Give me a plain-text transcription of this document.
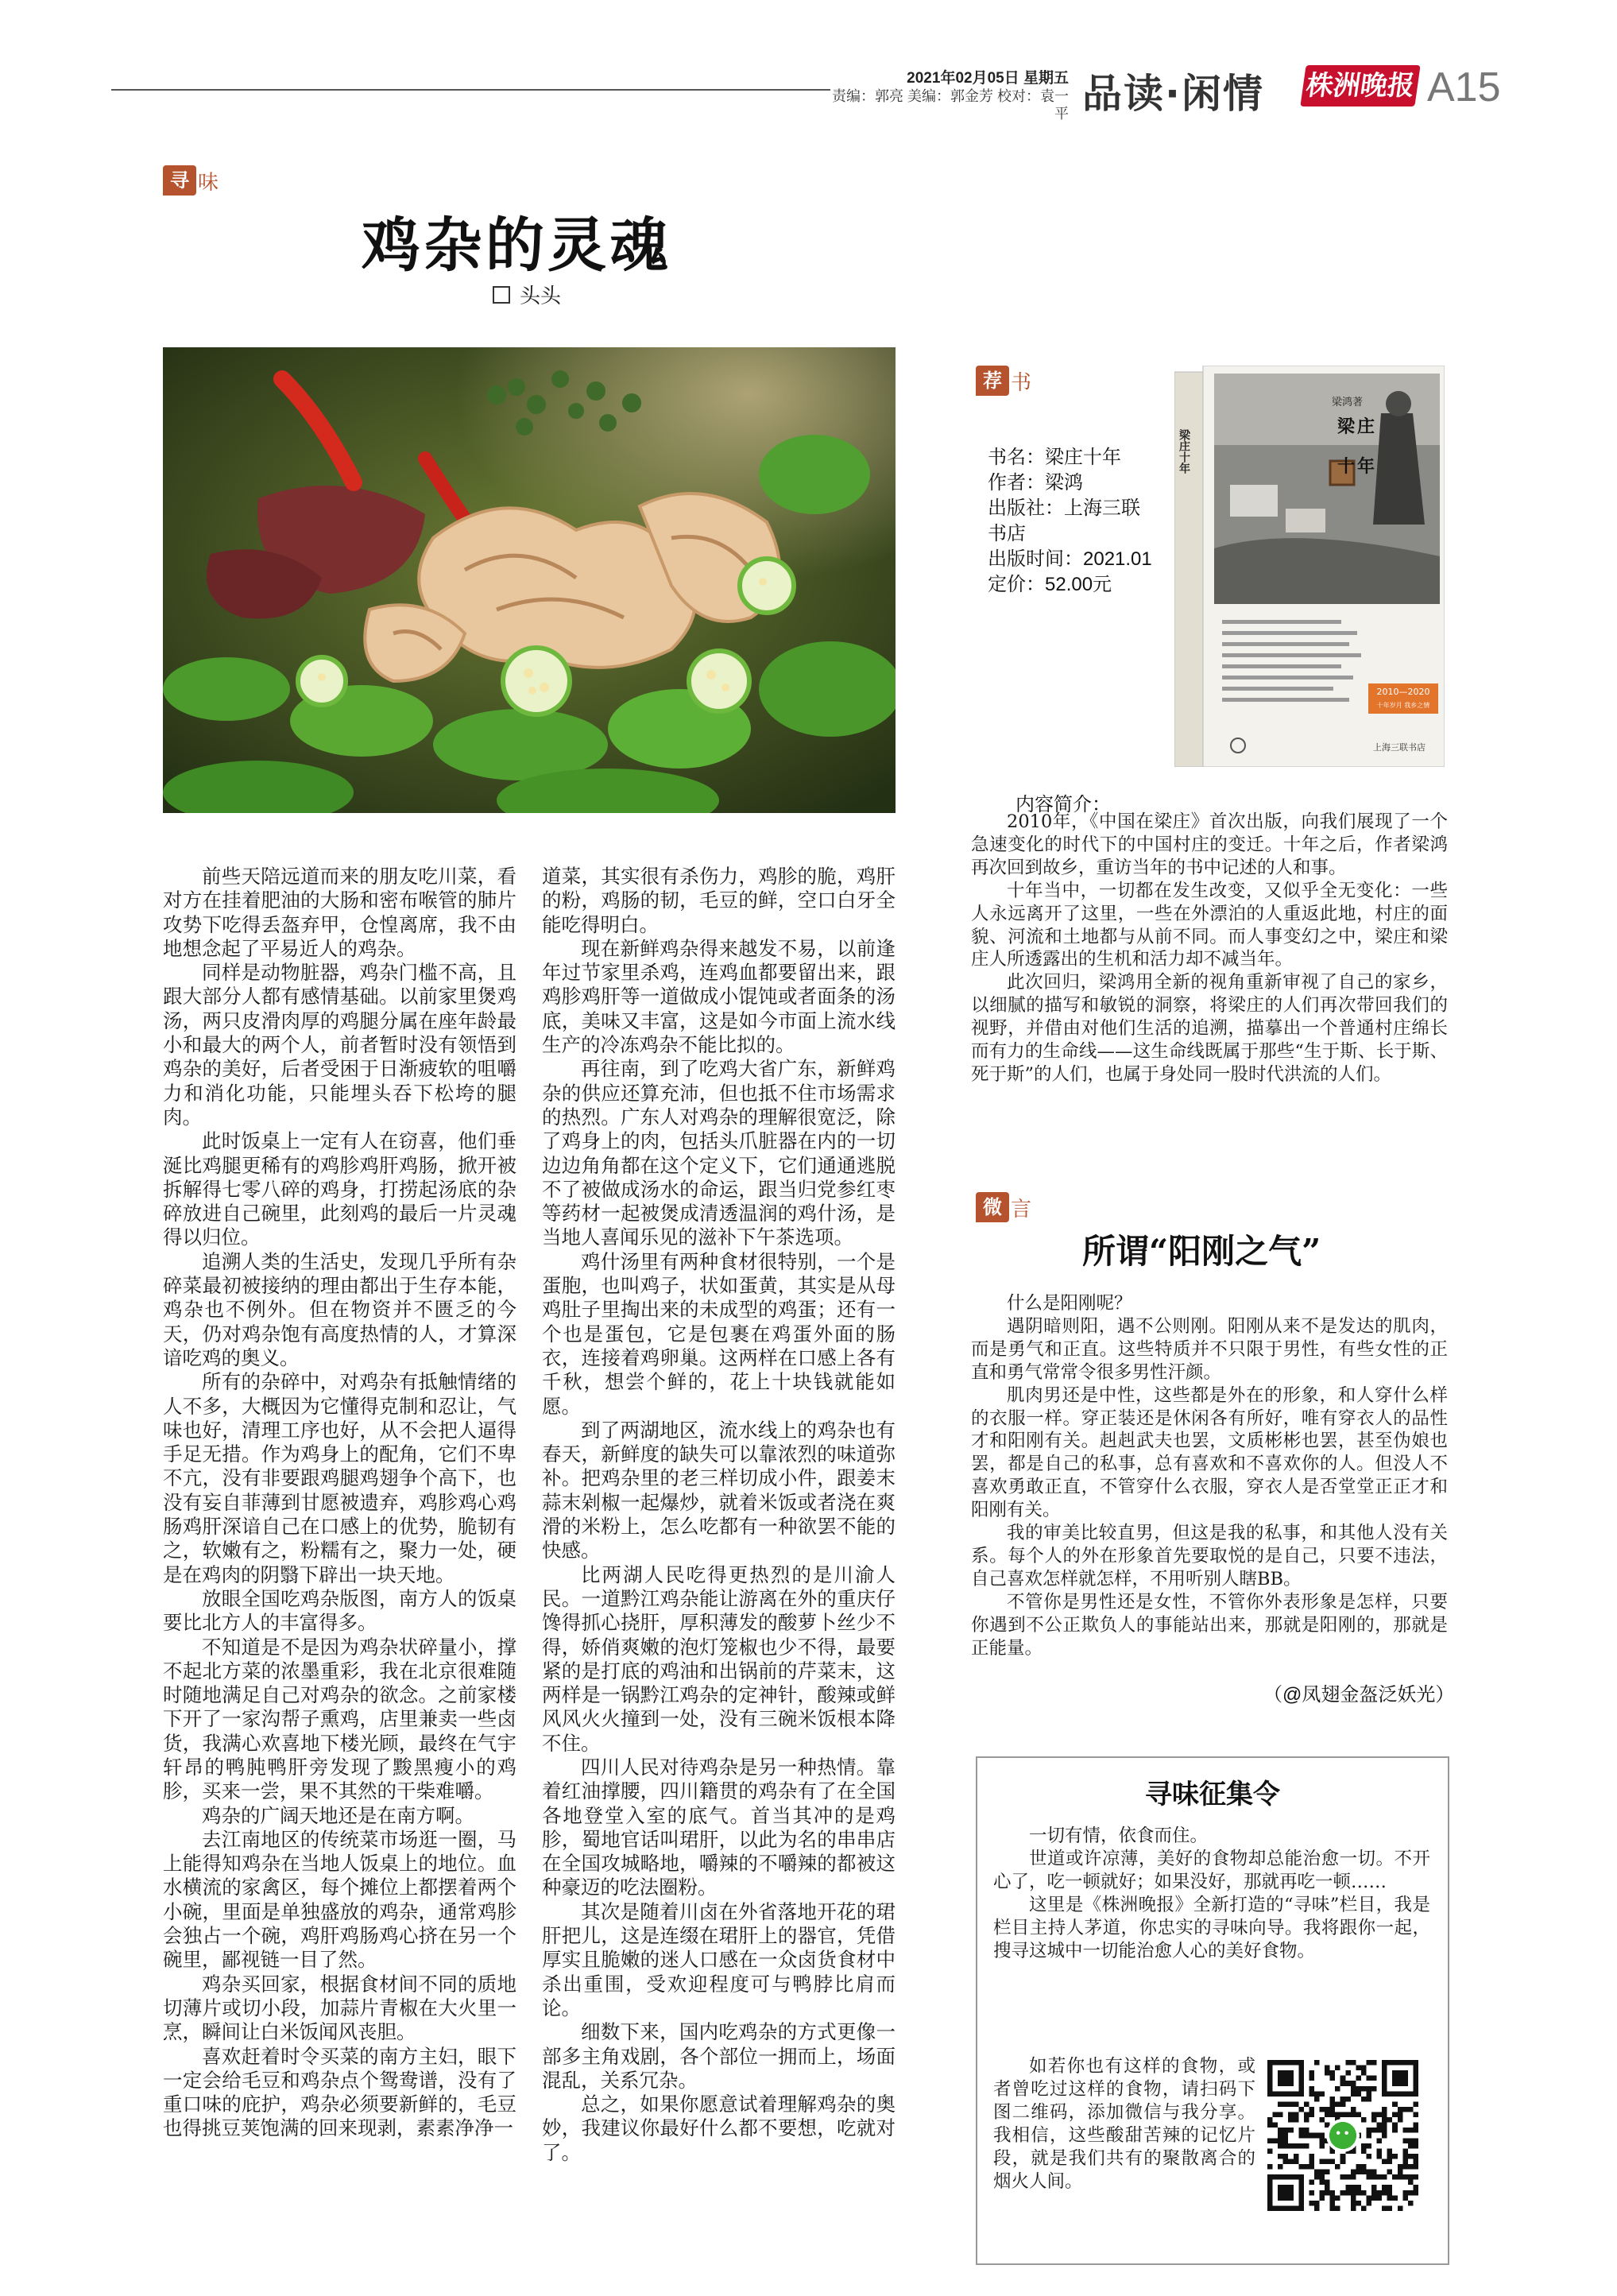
2021年02月05日 星期五
责编：郭亮 美编：郭金芳 校对：袁一平 品读·闲情 株洲晚报 A15
寻 味
鸡杂的灵魂
头头

前些天陪远道而来的朋友吃川菜，看对方在挂着肥油的大肠和密布喉管的肺片攻势下吃得丢盔弃甲，仓惶离席，我不由地想念起了平易近人的鸡杂。

同样是动物脏器，鸡杂门槛不高，且跟大部分人都有感情基础。以前家里煲鸡汤，两只皮滑肉厚的鸡腿分属在座年龄最小和最大的两个人，前者暂时没有领悟到鸡杂的美好，后者受困于日渐疲软的咀嚼力和消化功能，只能埋头吞下松垮的腿肉。

此时饭桌上一定有人在窃喜，他们垂涎比鸡腿更稀有的鸡胗鸡肝鸡肠，掀开被拆解得七零八碎的鸡身，打捞起汤底的杂碎放进自己碗里，此刻鸡的最后一片灵魂得以归位。

追溯人类的生活史，发现几乎所有杂碎菜最初被接纳的理由都出于生存本能，鸡杂也不例外。但在物资并不匮乏的今天，仍对鸡杂饱有高度热情的人，才算深谙吃鸡的奥义。

所有的杂碎中，对鸡杂有抵触情绪的人不多，大概因为它懂得克制和忍让，气味也好，清理工序也好，从不会把人逼得手足无措。作为鸡身上的配角，它们不卑不亢，没有非要跟鸡腿鸡翅争个高下，也没有妄自菲薄到甘愿被遗弃，鸡胗鸡心鸡肠鸡肝深谙自己在口感上的优势，脆韧有之，软嫩有之，粉糯有之，聚力一处，硬是在鸡肉的阴翳下辟出一块天地。

放眼全国吃鸡杂版图，南方人的饭桌要比北方人的丰富得多。

不知道是不是因为鸡杂状碎量小，撑不起北方菜的浓墨重彩，我在北京很难随时随地满足自己对鸡杂的欲念。之前家楼下开了一家沟帮子熏鸡，店里兼卖一些卤货，我满心欢喜地下楼光顾，最终在气宇轩昂的鸭肫鸭肝旁发现了黢黑瘦小的鸡胗，买来一尝，果不其然的干柴难嚼。

鸡杂的广阔天地还是在南方啊。

去江南地区的传统菜市场逛一圈，马上能得知鸡杂在当地人饭桌上的地位。血水横流的家禽区，每个摊位上都摆着两个小碗，里面是单独盛放的鸡杂，通常鸡胗会独占一个碗，鸡肝鸡肠鸡心挤在另一个碗里，鄙视链一目了然。

鸡杂买回家，根据食材间不同的质地切薄片或切小段，加蒜片青椒在大火里一烹，瞬间让白米饭闻风丧胆。

喜欢赶着时令买菜的南方主妇，眼下一定会给毛豆和鸡杂点个鸳鸯谱，没有了重口味的庇护，鸡杂必须要新鲜的，毛豆也得挑豆荚饱满的回来现剥，素素净净一

道菜，其实很有杀伤力，鸡胗的脆，鸡肝的粉，鸡肠的韧，毛豆的鲜，空口白牙全能吃得明白。

现在新鲜鸡杂得来越发不易，以前逢年过节家里杀鸡，连鸡血都要留出来，跟鸡胗鸡肝等一道做成小馄饨或者面条的汤底，美味又丰富，这是如今市面上流水线生产的冷冻鸡杂不能比拟的。

再往南，到了吃鸡大省广东，新鲜鸡杂的供应还算充沛，但也抵不住市场需求的热烈。广东人对鸡杂的理解很宽泛，除了鸡身上的肉，包括头爪脏器在内的一切边边角角都在这个定义下，它们通通逃脱不了被做成汤水的命运，跟当归党参红枣等药材一起被煲成清透温润的鸡什汤，是当地人喜闻乐见的滋补下午茶选项。

鸡什汤里有两种食材很特别，一个是蛋胞，也叫鸡子，状如蛋黄，其实是从母鸡肚子里掏出来的未成型的鸡蛋；还有一个也是蛋包，它是包裹在鸡蛋外面的肠衣，连接着鸡卵巢。这两样在口感上各有千秋，想尝个鲜的，花上十块钱就能如愿。

到了两湖地区，流水线上的鸡杂也有春天，新鲜度的缺失可以靠浓烈的味道弥补。把鸡杂里的老三样切成小件，跟姜末蒜末剁椒一起爆炒，就着米饭或者浇在爽滑的米粉上，怎么吃都有一种欲罢不能的快感。

比两湖人民吃得更热烈的是川渝人民。一道黔江鸡杂能让游离在外的重庆仔馋得抓心挠肝，厚积薄发的酸萝卜丝少不得，娇俏爽嫩的泡灯笼椒也少不得，最要紧的是打底的鸡油和出锅前的芹菜末，这两样是一锅黔江鸡杂的定神针，酸辣或鲜风风火火撞到一处，没有三碗米饭根本降不住。

四川人民对待鸡杂是另一种热情。靠着红油撑腰，四川籍贯的鸡杂有了在全国各地登堂入室的底气。首当其冲的是鸡胗，蜀地官话叫珺肝，以此为名的串串店在全国攻城略地，嚼辣的不嚼辣的都被这种豪迈的吃法圈粉。

其次是随着川卤在外省落地开花的珺肝把儿，这是连缀在珺肝上的器官，凭借厚实且脆嫩的迷人口感在一众卤货食材中杀出重围，受欢迎程度可与鸭脖比肩而论。

细数下来，国内吃鸡杂的方式更像一部多主角戏剧，各个部位一拥而上，场面混乱，关系冗杂。

总之，如果你愿意试着理解鸡杂的奥妙，我建议你最好什么都不要想，吃就对了。

荐 书
书名：梁庄十年
作者：梁鸿
出版社：上海三联书店
出版时间：2021.01
定价：52.00元
梁鸿著
梁 庄
十 年
2010—2020
十年岁月 我乡之情
上海三联书店
梁庄十年
内容简介：

2010年，《中国在梁庄》首次出版，向我们展现了一个急速变化的时代下的中国村庄的变迁。十年之后，作者梁鸿再次回到故乡，重访当年的书中记述的人和事。

十年当中，一切都在发生改变，又似乎全无变化：一些人永远离开了这里，一些在外漂泊的人重返此地，村庄的面貌、河流和土地都与从前不同。而人事变幻之中，梁庄和梁庄人所透露出的生机和活力却不减当年。

此次回归，梁鸿用全新的视角重新审视了自己的家乡，以细腻的描写和敏锐的洞察，将梁庄的人们再次带回我们的视野，并借由对他们生活的追溯，描摹出一个普通村庄绵长而有力的生命线——这生命线既属于那些“生于斯、长于斯、死于斯”的人们，也属于身处同一股时代洪流的人们。

微 言
所谓“阳刚之气”

什么是阳刚呢？

遇阴暗则阳，遇不公则刚。阳刚从来不是发达的肌肉，而是勇气和正直。这些特质并不只限于男性，有些女性的正直和勇气常常令很多男性汗颜。

肌肉男还是中性，这些都是外在的形象，和人穿什么样的衣服一样。穿正装还是休闲各有所好，唯有穿衣人的品性才和阳刚有关。赳赳武夫也罢，文质彬彬也罢，甚至伪娘也罢，都是自己的私事，总有喜欢和不喜欢你的人。但没人不喜欢勇敢正直，不管穿什么衣服，穿衣人是否堂堂正正才和阳刚有关。

我的审美比较直男，但这是我的私事，和其他人没有关系。每个人的外在形象首先要取悦的是自己，只要不违法，自己喜欢怎样就怎样，不用听别人瞎BB。

不管你是男性还是女性，不管你外表形象是怎样，只要你遇到不公正欺负人的事能站出来，那就是阳刚的，那就是正能量。

（@凤翅金盔泛妖光）
寻味征集令

一切有情，依食而住。

世道或许凉薄，美好的食物却总能治愈一切。不开心了，吃一顿就好；如果没好，那就再吃一顿……

这里是《株洲晚报》全新打造的“寻味”栏目，我是栏目主持人茅道，你忠实的寻味向导。我将跟你一起，搜寻这城中一切能治愈人心的美好食物。

如若你也有这样的食物，或者曾吃过这样的食物，请扫码下图二维码，添加微信与我分享。我相信，这些酸甜苦辣的记忆片段，就是我们共有的聚散离合的烟火人间。
